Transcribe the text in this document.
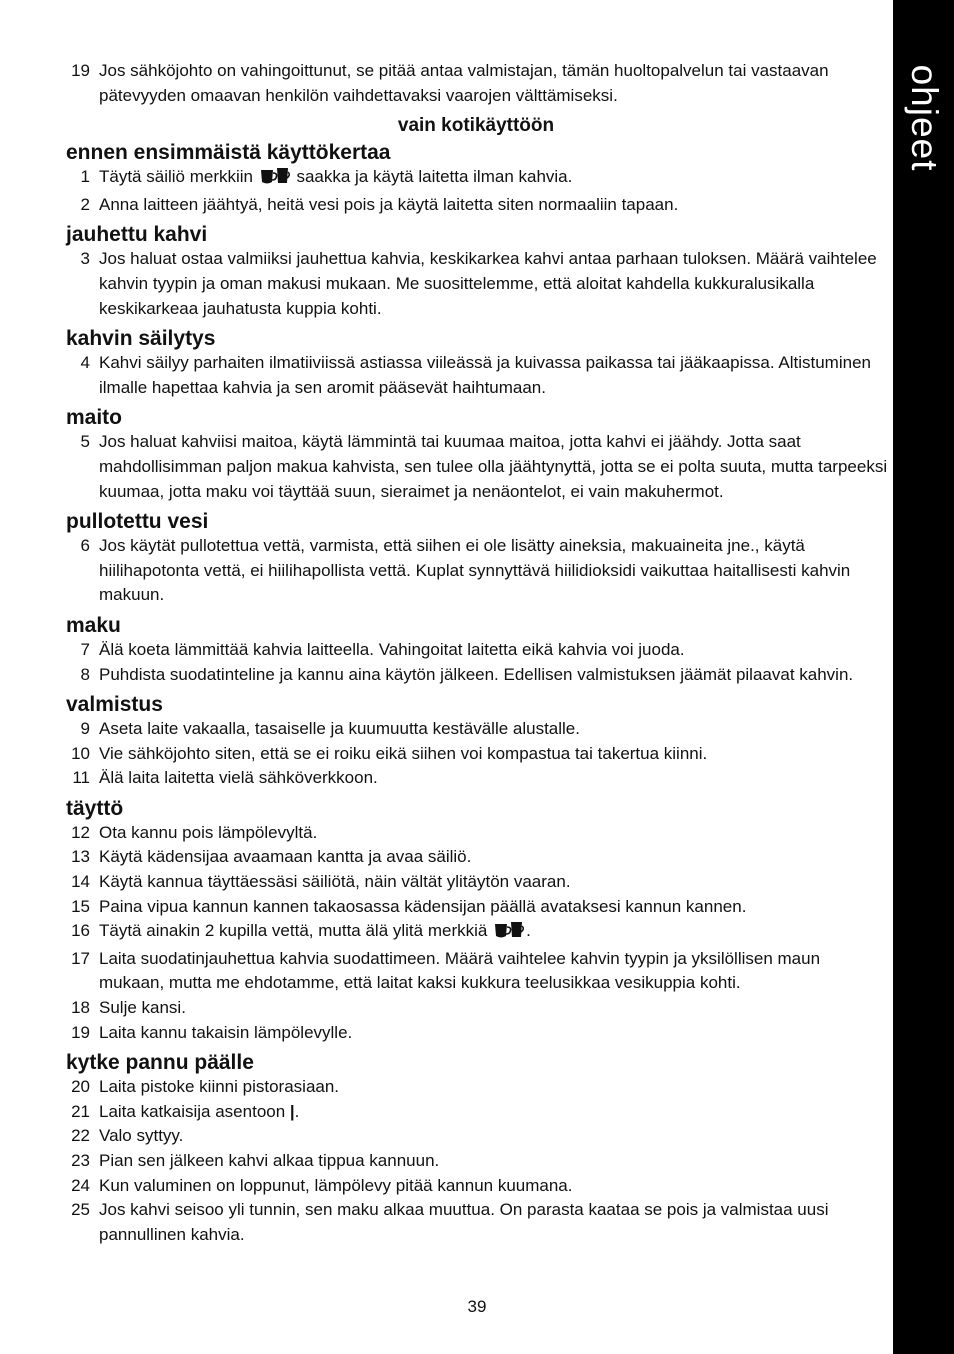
ohjeet
19 Jos sähköjohto on vahingoittunut, se pitää antaa valmistajan, tämän huoltopalvelun tai vastaavan pätevyyden omaavan henkilön vaihdettavaksi vaarojen välttämiseksi.
vain kotikäyttöön
ennen ensimmäistä käyttökertaa
1 Täytä säiliö merkkiin  saakka ja käytä laitetta ilman kahvia.
2 Anna laitteen jäähtyä, heitä vesi pois ja käytä laitetta siten normaaliin tapaan.
jauhettu kahvi
3 Jos haluat ostaa valmiiksi jauhettua kahvia, keskikarkea kahvi antaa parhaan tuloksen. Määrä vaihtelee kahvin tyypin ja oman makusi mukaan. Me suosittelemme, että aloitat kahdella kukkuralusikalla keskikarkeaa jauhatusta kuppia kohti.
kahvin säilytys
4 Kahvi säilyy parhaiten ilmatiiviissä astiassa viileässä ja kuivassa paikassa tai jääkaapissa. Altistuminen ilmalle hapettaa kahvia ja sen aromit pääsevät haihtumaan.
maito
5 Jos haluat kahviisi maitoa, käytä lämmintä tai kuumaa maitoa, jotta kahvi ei jäähdy. Jotta saat mahdollisimman paljon makua kahvista, sen tulee olla jäähtynyttä, jotta se ei polta suuta, mutta tarpeeksi kuumaa, jotta maku voi täyttää suun, sieraimet ja nenäontelot, ei vain makuhermot.
pullotettu vesi
6 Jos käytät pullotettua vettä, varmista, että siihen ei ole lisätty aineksia, makuaineita jne., käytä hiilihapotonta vettä, ei hiilihapollista vettä. Kuplat synnyttävä hiilidioksidi vaikuttaa haitallisesti kahvin makuun.
maku
7 Älä koeta lämmittää kahvia laitteella. Vahingoitat laitetta eikä kahvia voi juoda.
8 Puhdista suodatinteline ja kannu aina käytön jälkeen. Edellisen valmistuksen jäämät pilaavat kahvin.
valmistus
9 Aseta laite vakaalla, tasaiselle ja kuumuutta kestävälle alustalle.
10 Vie sähköjohto siten, että se ei roiku eikä siihen voi kompastua tai takertua kiinni.
11 Älä laita laitetta vielä sähköverkkoon.
täyttö
12 Ota kannu pois lämpölevyltä.
13 Käytä kädensijaa avaamaan kantta ja avaa säiliö.
14 Käytä kannua täyttäessäsi säiliötä, näin vältät ylitäytön vaaran.
15 Paina vipua kannun kannen takaosassa kädensijan päällä avataksesi kannun kannen.
16 Täytä ainakin 2 kupilla vettä, mutta älä ylitä merkkiä .
17 Laita suodatinjauhettua kahvia suodattimeen. Määrä vaihtelee kahvin tyypin ja yksilöllisen maun mukaan, mutta me ehdotamme, että laitat kaksi kukkura teelusikkaa vesikuppia kohti.
18 Sulje kansi.
19 Laita kannu takaisin lämpölevylle.
kytke pannu päälle
20 Laita pistoke kiinni pistorasiaan.
21 Laita katkaisija asentoon |.
22 Valo syttyy.
23 Pian sen jälkeen kahvi alkaa tippua kannuun.
24 Kun valuminen on loppunut, lämpölevy pitää kannun kuumana.
25 Jos kahvi seisoo yli tunnin, sen maku alkaa muuttua. On parasta kaataa se pois ja valmistaa uusi pannullinen kahvia.
39
